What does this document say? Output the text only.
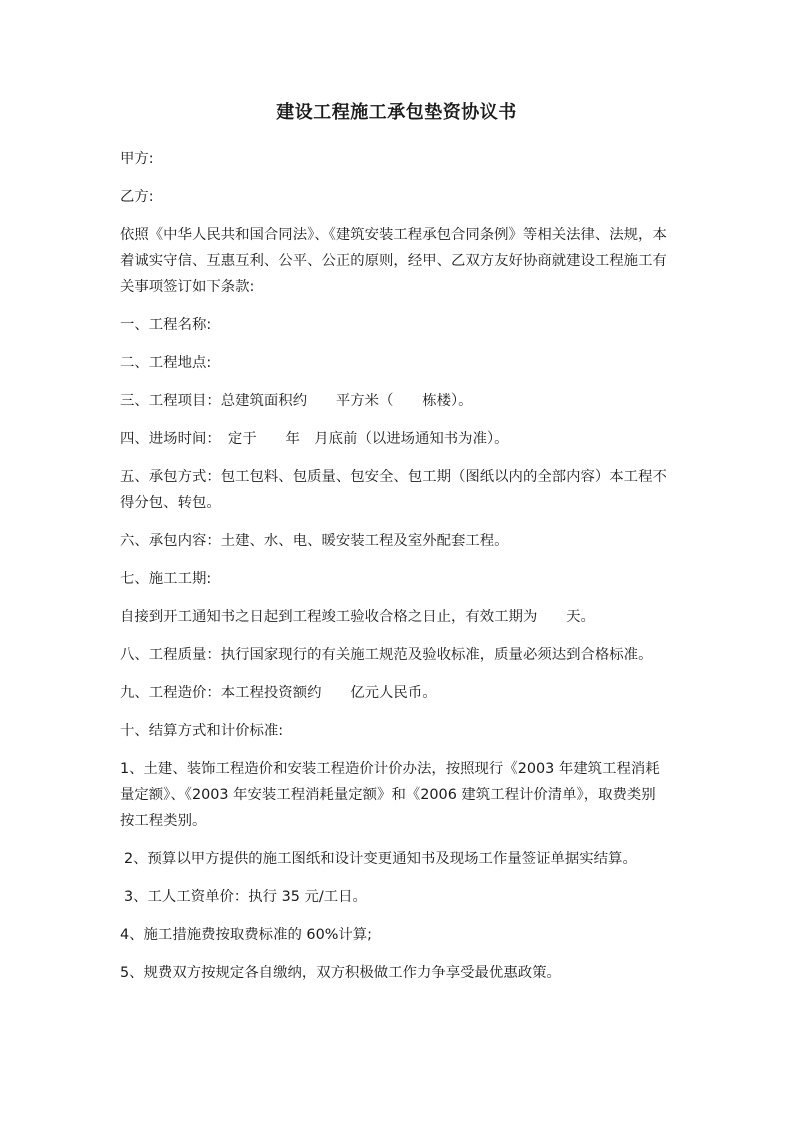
建设工程施工承包垫资协议书

甲方:

乙方:

依照《中华人民共和国合同法》、《建筑安装工程承包合同条例》等相关法律、法规，本着诚实守信、互惠互利、公平、公正的原则，经甲、乙双方友好协商就建设工程施工有关事项签订如下条款:

一、工程名称:

二、工程地点:

三、工程项目：总建筑面积约　　平方米（　　栋楼）。

四、进场时间：　定于　　年　月底前（以进场通知书为准）。

五、承包方式：包工包料、包质量、包安全、包工期（图纸以内的全部内容）本工程不得分包、转包。

六、承包内容：土建、水、电、暖安装工程及室外配套工程。

七、施工工期:

自接到开工通知书之日起到工程竣工验收合格之日止，有效工期为　　天。

八、工程质量：执行国家现行的有关施工规范及验收标准，质量必须达到合格标准。

九、工程造价：本工程投资额约　　亿元人民币。

十、结算方式和计价标准:

1、土建、装饰工程造价和安装工程造价计价办法，按照现行《2003 年建筑工程消耗量定额》、《2003 年安装工程消耗量定额》和《2006 建筑工程计价清单》，取费类别按工程类别。

2、预算以甲方提供的施工图纸和设计变更通知书及现场工作量签证单据实结算。

3、工人工资单价：执行 35 元/工日。

4、施工措施费按取费标准的 60%计算;

5、规费双方按规定各自缴纳，双方积极做工作力争享受最优惠政策。
